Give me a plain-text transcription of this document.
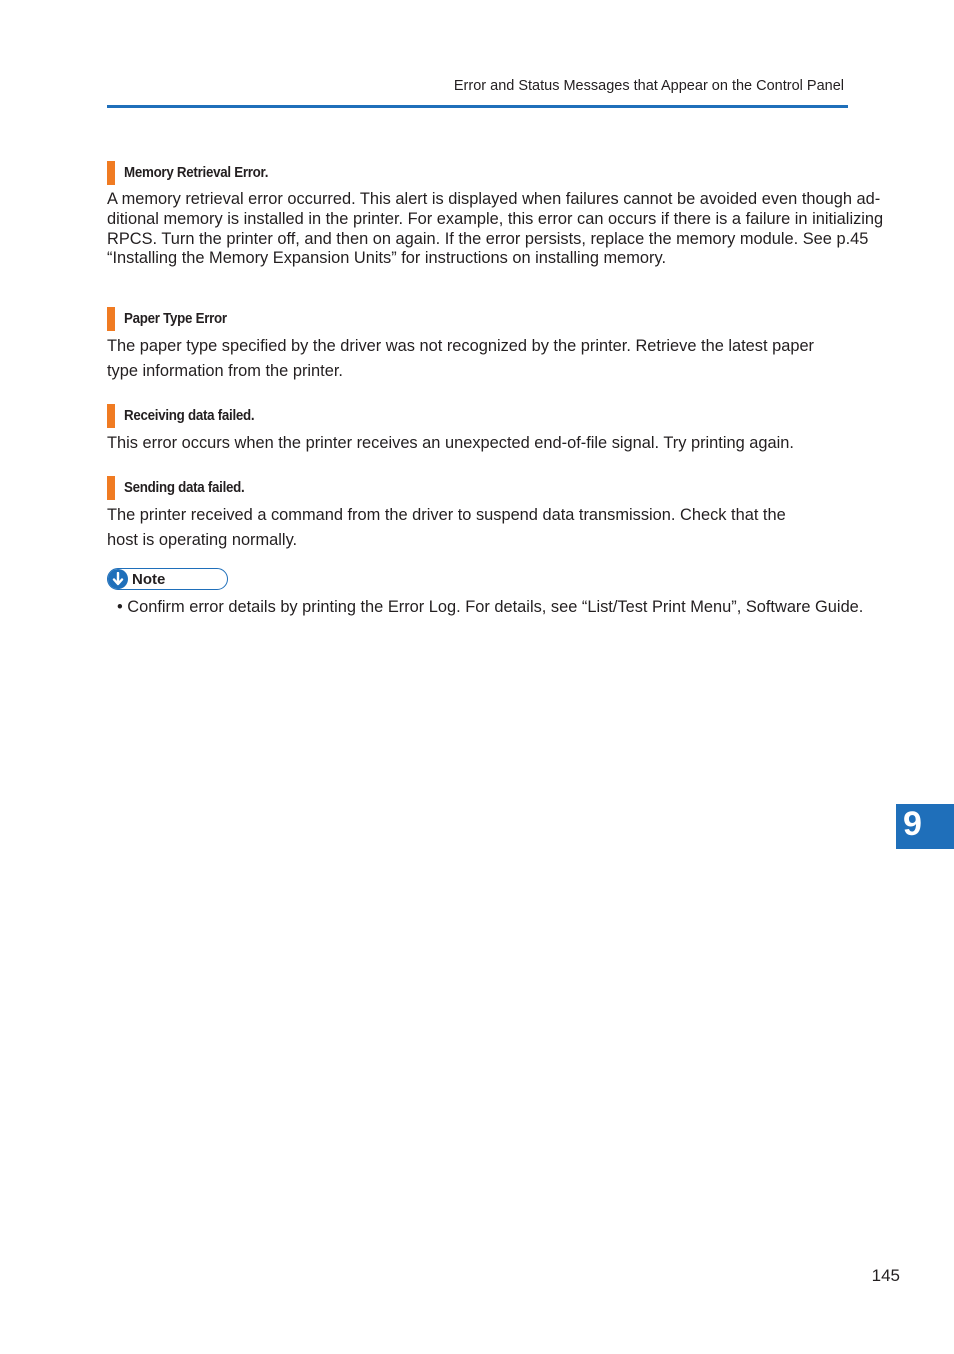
Error and Status Messages that Appear on the Control Panel
Memory Retrieval Error.

A memory retrieval error occurred. This alert is displayed when failures cannot be avoided even though ad-ditional memory is installed in the printer. For example, this error can occurs if there is a failure in initializing RPCS. Turn the printer off, and then on again. If the error persists, replace the memory module. See p.45 “Installing the Memory Expansion Units” for instructions on installing memory.

Paper Type Error

The paper type specified by the driver was not recognized by the printer. Retrieve the latest paper type information from the printer.

Receiving data failed.

This error occurs when the printer receives an unexpected end-of-file signal. Try printing again.

Sending data failed.

The printer received a command from the driver to suspend data transmission. Check that the host is operating normally.

Note
• Confirm error details by printing the Error Log. For details, see “List/Test Print Menu”, Software Guide.
9
145
